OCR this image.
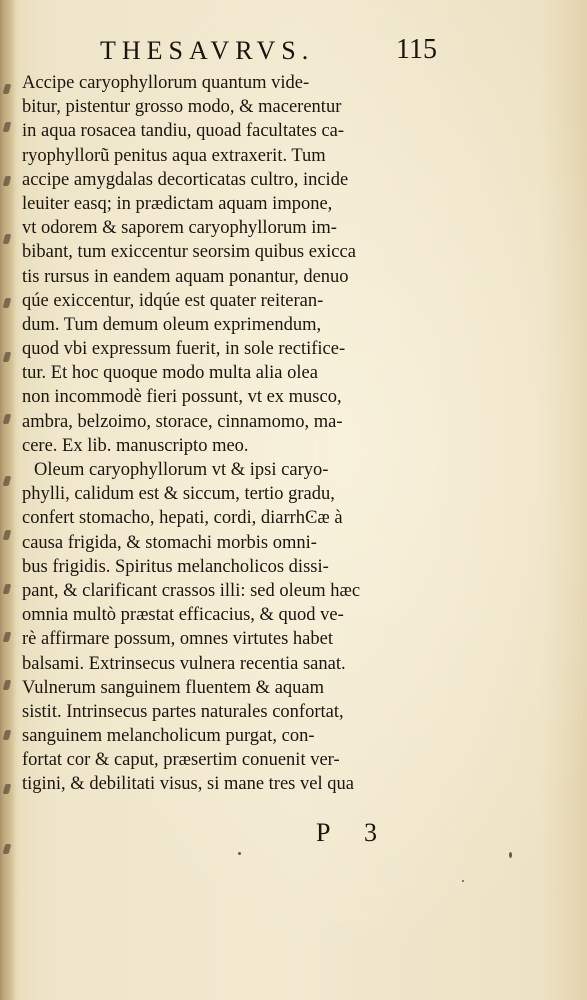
THESAVRVS.	115
Accipe caryophyllorum quantum vide-
bitur, pistentur grosso modo, & macerentur
in aqua rosacea tandiu, quoad facultates ca-
ryophyllorũ penitus aqua extraxerit. Tum
accipe amygdalas decorticatas cultro, incide
leuiter easq; in prædictam aquam impone,
vt odorem & saporem caryophyllorum im-
bibant, tum exiccentur seorsim quibus exicca
tis rursus in eandem aquam ponantur, denuo
qúe exiccentur, idqúe est quater reiteran-
dum. Tum demum oleum exprimendum,
quod vbi expressum fuerit, in sole rectifice-
tur. Et hoc quoque modo multa alia olea
non incommodè fieri possunt, vt ex musco,
ambra, belzoimo, storace, cinnamomo, ma-
cere. Ex lib. manuscripto meo.
Oleum caryophyllorum vt & ipsi caryo-
phylli, calidum est & siccum, tertio gradu,
confert stomacho, hepati, cordi, diarrhϾæ à
causa frigida, & stomachi morbis omni-
bus frigidis. Spiritus melancholicos dissi-
pant, & clarificant crassos illi: sed oleum hæc
omnia multò præstat efficacius, & quod ve-
rè affirmare possum, omnes virtutes habet
balsami. Extrinsecus vulnera recentia sanat.
Vulnerum sanguinem fluentem & aquam
sistit. Intrinsecus partes naturales confortat,
sanguinem melancholicum purgat, con-
fortat cor & caput, præsertim conuenit ver-
tigini, & debilitati visus, si mane tres vel qua
P 3
